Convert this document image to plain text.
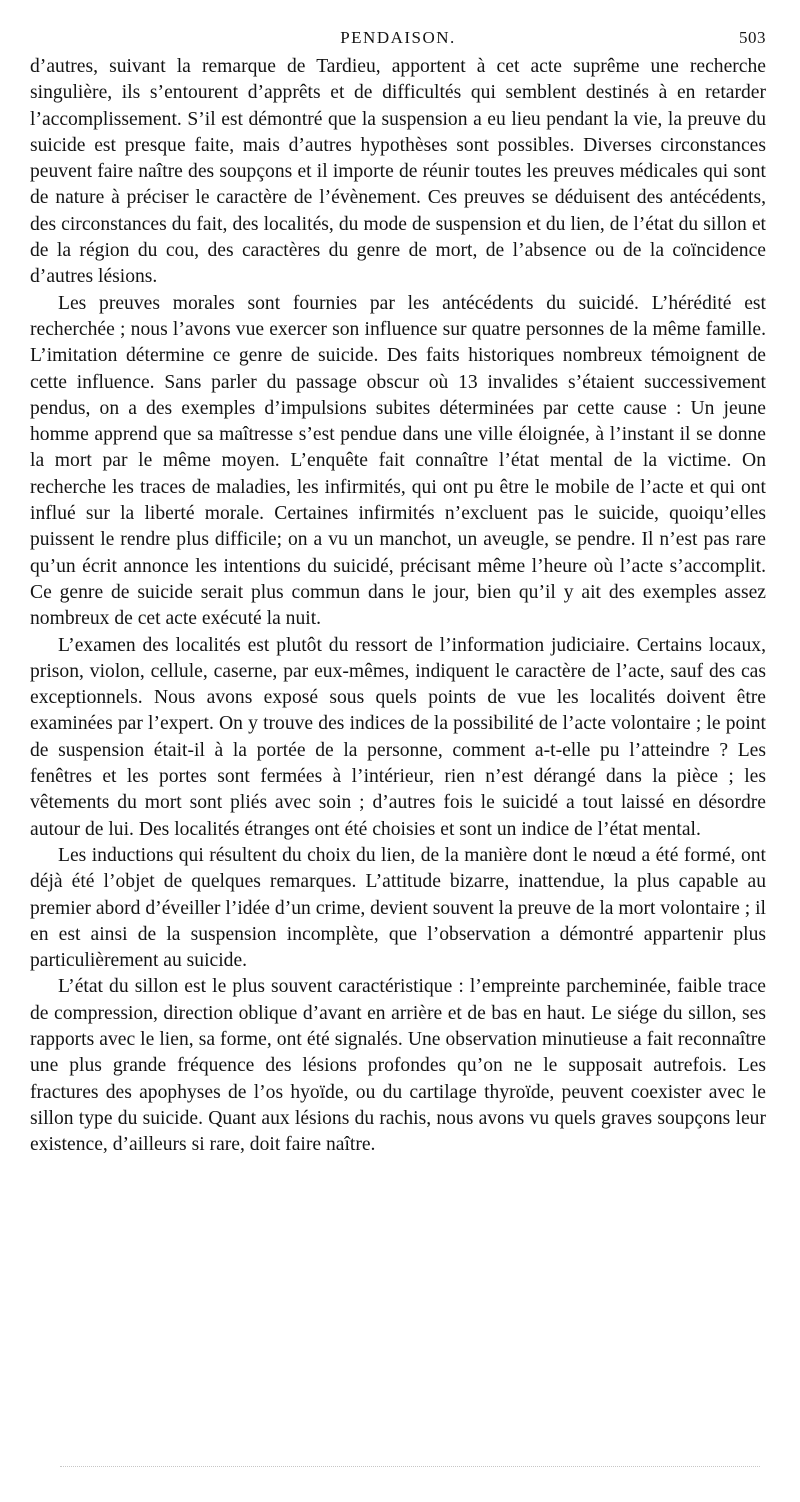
PENDAISON.	503

d’autres, suivant la remarque de Tardieu, apportent à cet acte suprême une recherche singulière, ils s’entourent d’apprêts et de difficultés qui semblent destinés à en retarder l’accomplissement. S’il est démontré que la suspension a eu lieu pendant la vie, la preuve du suicide est presque faite, mais d’autres hypothèses sont possibles. Diverses circonstances peuvent faire naître des soupçons et il importe de réunir toutes les preuves médicales qui sont de nature à préciser le caractère de l’évènement. Ces preuves se déduisent des antécédents, des circonstances du fait, des localités, du mode de suspension et du lien, de l’état du sillon et de la région du cou, des caractères du genre de mort, de l’absence ou de la coïncidence d’autres lésions.

Les preuves morales sont fournies par les antécédents du suicidé. L’hérédité est recherchée ; nous l’avons vue exercer son influence sur quatre personnes de la même famille. L’imitation détermine ce genre de suicide. Des faits historiques nombreux témoignent de cette influence. Sans parler du passage obscur où 13 invalides s’étaient successivement pendus, on a des exemples d’impulsions subites déterminées par cette cause : Un jeune homme apprend que sa maîtresse s’est pendue dans une ville éloignée, à l’instant il se donne la mort par le même moyen. L’enquête fait connaître l’état mental de la victime. On recherche les traces de maladies, les infirmités, qui ont pu être le mobile de l’acte et qui ont influé sur la liberté morale. Certaines infirmités n’excluent pas le suicide, quoiqu’elles puissent le rendre plus difficile; on a vu un manchot, un aveugle, se pendre. Il n’est pas rare qu’un écrit annonce les intentions du suicidé, précisant même l’heure où l’acte s’accomplit. Ce genre de suicide serait plus commun dans le jour, bien qu’il y ait des exemples assez nombreux de cet acte exécuté la nuit.

L’examen des localités est plutôt du ressort de l’information judiciaire. Certains locaux, prison, violon, cellule, caserne, par eux-mêmes, indiquent le caractère de l’acte, sauf des cas exceptionnels. Nous avons exposé sous quels points de vue les localités doivent être examinées par l’expert. On y trouve des indices de la possibilité de l’acte volontaire ; le point de suspension était-il à la portée de la personne, comment a-t-elle pu l’atteindre ? Les fenêtres et les portes sont fermées à l’intérieur, rien n’est dérangé dans la pièce ; les vêtements du mort sont pliés avec soin ; d’autres fois le suicidé a tout laissé en désordre autour de lui. Des localités étranges ont été choisies et sont un indice de l’état mental.

Les inductions qui résultent du choix du lien, de la manière dont le nœud a été formé, ont déjà été l’objet de quelques remarques. L’attitude bizarre, inattendue, la plus capable au premier abord d’éveiller l’idée d’un crime, devient souvent la preuve de la mort volontaire ; il en est ainsi de la suspension incomplète, que l’observation a démontré appartenir plus particulièrement au suicide.

L’état du sillon est le plus souvent caractéristique : l’empreinte parcheminée, faible trace de compression, direction oblique d’avant en arrière et de bas en haut. Le siége du sillon, ses rapports avec le lien, sa forme, ont été signalés. Une observation minutieuse a fait reconnaître une plus grande fréquence des lésions profondes qu’on ne le supposait autrefois. Les fractures des apophyses de l’os hyoïde, ou du cartilage thyroïde, peuvent coexister avec le sillon type du suicide. Quant aux lésions du rachis, nous avons vu quels graves soupçons leur existence, d’ailleurs si rare, doit faire naître.
